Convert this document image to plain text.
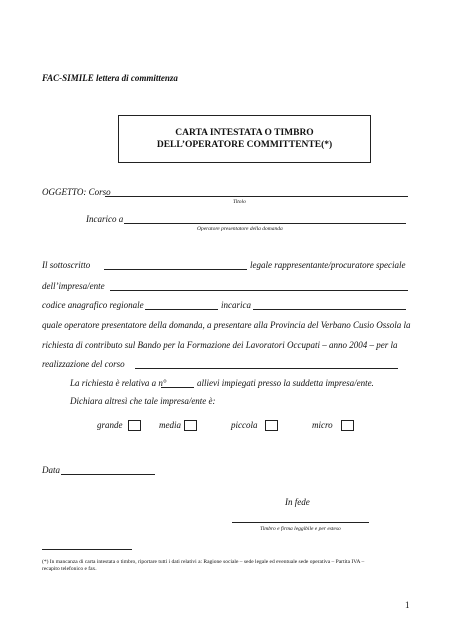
FAC-SIMILE lettera di committenza
CARTA INTESTATA O TIMBRO
DELL’OPERATORE COMMITTENTE(*)
OGGETTO: Corso
Titolo
Incarico a
Operatore presentatore della domanda
Il sottoscritto	legale rappresentante/procuratore speciale
dell’impresa/ente
codice anagrafico regionale	incarica
quale operatore presentatore della domanda, a presentare alla Provincia del Verbano Cusio Ossola la
richiesta di contributo sul Bando per la Formazione dei Lavoratori Occupati – anno 2004 – per la
realizzazione del corso
La richiesta è relativa a n°	allievi impiegati presso la suddetta impresa/ente.
Dichiara altresì che tale impresa/ente è:
grande	media	piccola	micro
Data
In fede
Timbro e firma leggibile e per esteso
(*) In mancanza di carta intestata o timbro, riportare tutti i dati relativi a: Ragione sociale – sede legale ed eventuale sede operativa – Partita IVA –
recapito telefonico e fax.
1
